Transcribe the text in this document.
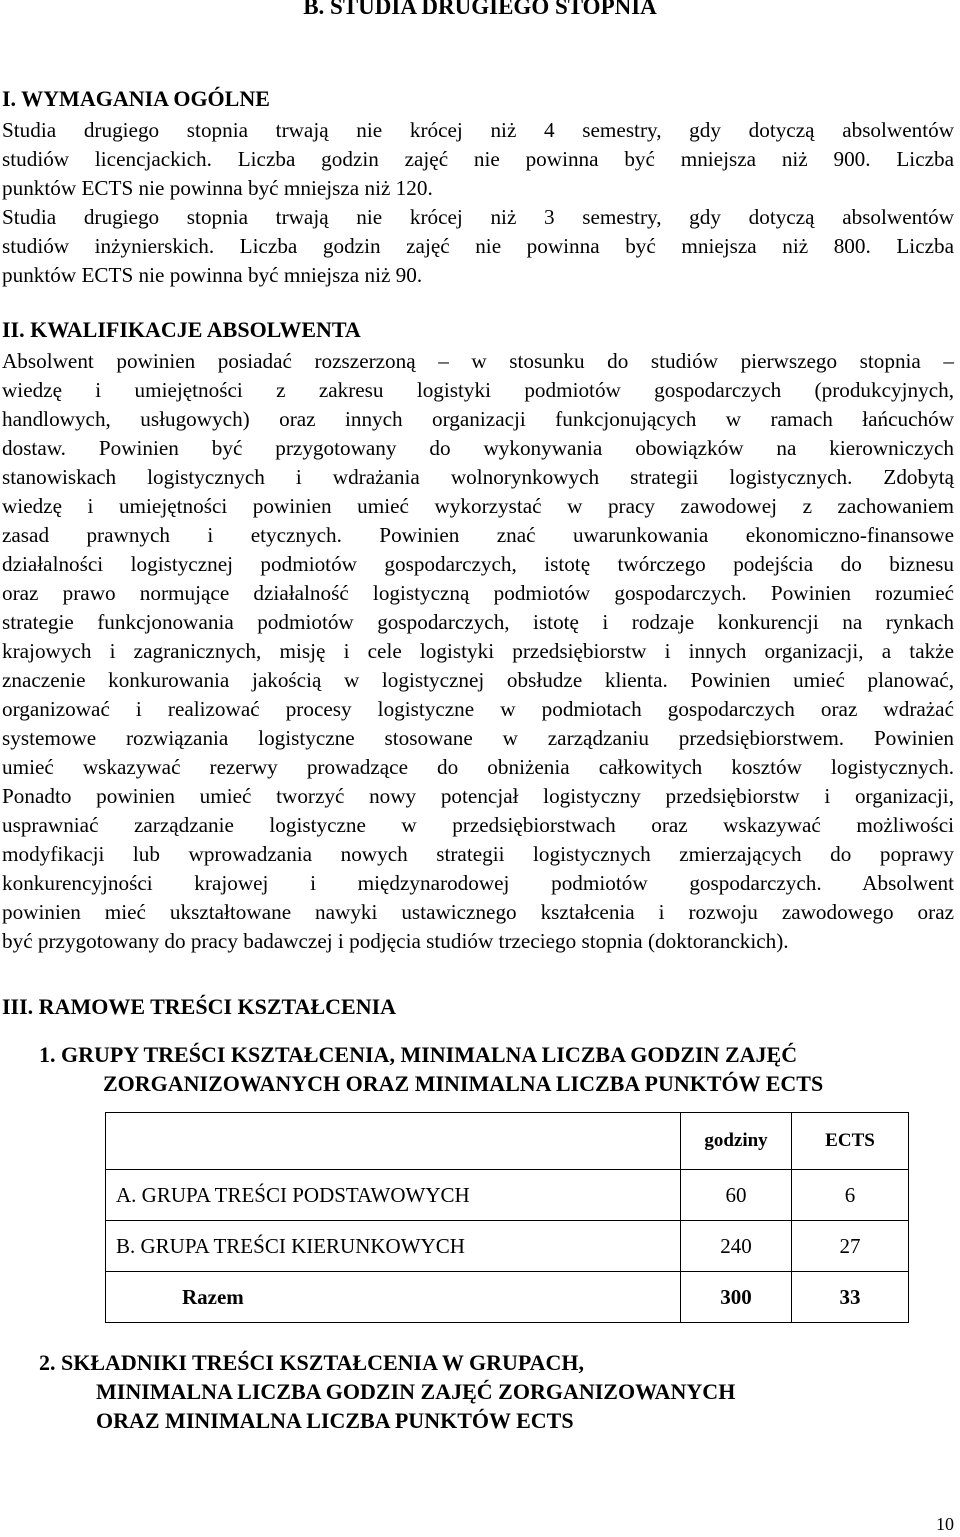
B. STUDIA DRUGIEGO STOPNIA
I. WYMAGANIA OGÓLNE
Studia drugiego stopnia trwają nie krócej niż 4 semestry, gdy dotyczą absolwentów
studiów licencjackich. Liczba godzin zajęć nie powinna być mniejsza niż 900. Liczba
punktów ECTS nie powinna być mniejsza niż 120.
Studia drugiego stopnia trwają nie krócej niż 3 semestry, gdy dotyczą absolwentów
studiów inżynierskich. Liczba godzin zajęć nie powinna być mniejsza niż 800. Liczba
punktów ECTS nie powinna być mniejsza niż 90.
II. KWALIFIKACJE ABSOLWENTA
Absolwent powinien posiadać rozszerzoną – w stosunku do studiów pierwszego stopnia –
wiedzę i umiejętności z zakresu logistyki podmiotów gospodarczych (produkcyjnych,
handlowych, usługowych) oraz innych organizacji funkcjonujących w ramach łańcuchów
dostaw. Powinien być przygotowany do wykonywania obowiązków na kierowniczych
stanowiskach logistycznych i wdrażania wolnorynkowych strategii logistycznych. Zdobytą
wiedzę i umiejętności powinien umieć wykorzystać w pracy zawodowej z zachowaniem
zasad prawnych i etycznych. Powinien znać uwarunkowania ekonomiczno-finansowe
działalności logistycznej podmiotów gospodarczych, istotę twórczego podejścia do biznesu
oraz prawo normujące działalność logistyczną podmiotów gospodarczych. Powinien rozumieć
strategie funkcjonowania podmiotów gospodarczych, istotę i rodzaje konkurencji na rynkach
krajowych i zagranicznych, misję i cele logistyki przedsiębiorstw i innych organizacji, a także
znaczenie konkurowania jakością w logistycznej obsłudze klienta. Powinien umieć planować,
organizować i realizować procesy logistyczne w podmiotach gospodarczych oraz wdrażać
systemowe rozwiązania logistyczne stosowane w zarządzaniu przedsiębiorstwem. Powinien
umieć wskazywać rezerwy prowadzące do obniżenia całkowitych kosztów logistycznych.
Ponadto powinien umieć tworzyć nowy potencjał logistyczny przedsiębiorstw i organizacji,
usprawniać zarządzanie logistyczne w przedsiębiorstwach oraz wskazywać możliwości
modyfikacji lub wprowadzania nowych strategii logistycznych zmierzających do poprawy
konkurencyjności krajowej i międzynarodowej podmiotów gospodarczych. Absolwent
powinien mieć ukształtowane nawyki ustawicznego kształcenia i rozwoju zawodowego oraz
być przygotowany do pracy badawczej i podjęcia studiów trzeciego stopnia (doktoranckich).
III. RAMOWE TREŚCI KSZTAŁCENIA
1. GRUPY TREŚCI KSZTAŁCENIA, MINIMALNA LICZBA GODZIN ZAJĘĆ
ZORGANIZOWANYCH ORAZ MINIMALNA LICZBA PUNKTÓW ECTS
	godziny	ECTS
A. GRUPA TREŚCI PODSTAWOWYCH	60	6
B. GRUPA TREŚCI KIERUNKOWYCH	240	27
Razem	300	33
2. SKŁADNIKI TREŚCI KSZTAŁCENIA W GRUPACH,
MINIMALNA LICZBA GODZIN ZAJĘĆ ZORGANIZOWANYCH
ORAZ MINIMALNA LICZBA PUNKTÓW ECTS
10
